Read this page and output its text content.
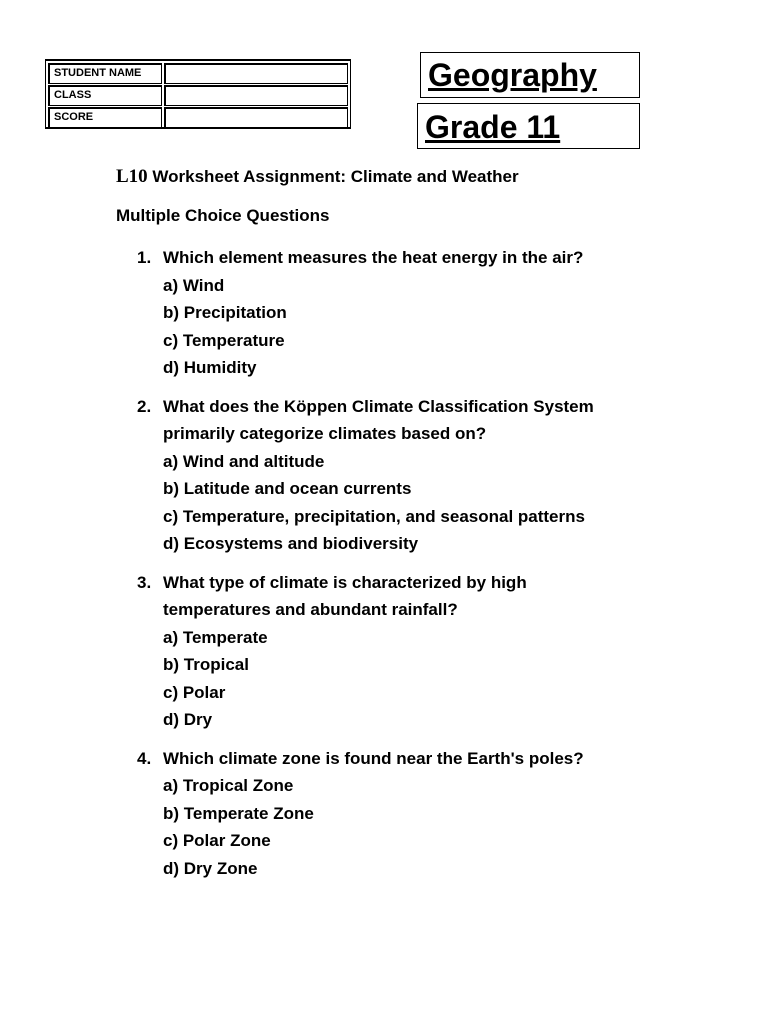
STUDENT NAME
CLASS
SCORE
Geography
Grade 11
L10 Worksheet Assignment: Climate and Weather
Multiple Choice Questions
1. Which element measures the heat energy in the air?
a) Wind
b) Precipitation
c) Temperature
d) Humidity
2. What does the Köppen Climate Classification System primarily categorize climates based on?
a) Wind and altitude
b) Latitude and ocean currents
c) Temperature, precipitation, and seasonal patterns
d) Ecosystems and biodiversity
3. What type of climate is characterized by high temperatures and abundant rainfall?
a) Temperate
b) Tropical
c) Polar
d) Dry
4. Which climate zone is found near the Earth's poles?
a) Tropical Zone
b) Temperate Zone
c) Polar Zone
d) Dry Zone
